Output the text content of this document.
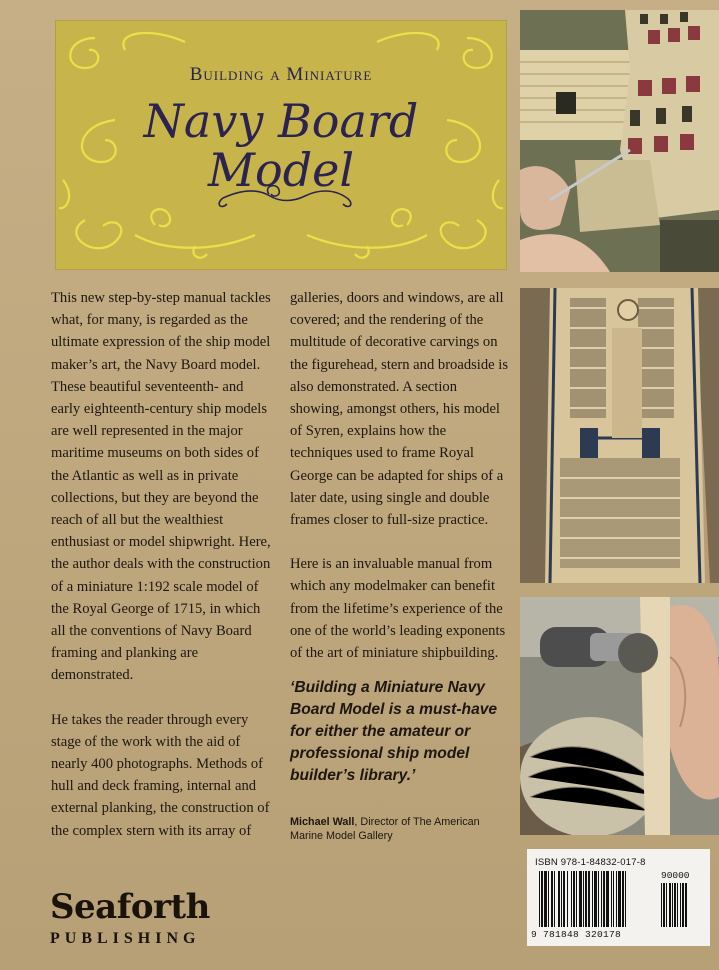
Building a Miniature
Navy Board
Model

This new step-by-step manual tackles what, for many, is regarded as the ultimate expression of the ship model maker’s art, the Navy Board model. These beautiful seventeenth- and early eighteenth-century ship models are well represented in the major maritime museums on both sides of the Atlantic as well as in private collections, but they are beyond the reach of all but the wealthiest enthusiast or model shipwright. Here, the author deals with the construction of a miniature 1:192 scale model of the Royal George of 1715, in which all the conventions of Navy Board framing and planking are demonstrated.

He takes the reader through every stage of the work with the aid of nearly 400 photographs. Methods of hull and deck framing, internal and external planking, the construction of the complex stern with its array of

galleries, doors and windows, are all covered; and the rendering of the multitude of decorative carvings on the figurehead, stern and broadside is also demonstrated. A section showing, amongst others, his model of Syren, explains how the techniques used to frame Royal George can be adapted for ships of a later date, using single and double frames closer to full-size practice.

Here is an invaluable manual from which any modelmaker can benefit from the lifetime’s experience of the one of the world’s leading exponents of the art of miniature shipbuilding.

‘Building a Miniature Navy Board Model is a must-have for either the amateur or professional ship model builder’s library.’
Michael Wall, Director of The American Marine Model Gallery
Seaforth
PUBLISHING
ISBN 978-1-84832-017-8
90000
9 781848 320178
